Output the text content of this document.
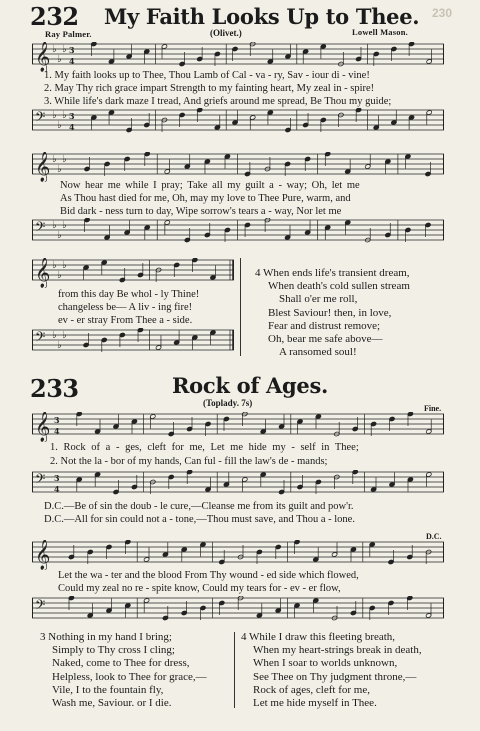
230
232 My Faith Looks Up to Thee.
Ray Palmer.	(Olivet.)	Lowell Mason.
𝄞 ♭
♭
♭ 3
4
1. My faith looks up to Thee, Thou Lamb of Cal - va - ry, Sav - iour di - vine!
2. May Thy rich grace impart Strength to my fainting heart, My zeal in - spire!
3. While life's dark maze I tread, And griefs around me spread, Be Thou my guide;
𝄢 ♭
♭
♭ 3
4
𝄞 ♭
♭
♭
Now hear me while I pray; Take all my guilt a - way; Oh, let me
As Thou hast died for me, Oh, may my love to Thee Pure, warm, and
Bid dark - ness turn to day, Wipe sorrow's tears a - way, Nor let me
𝄢 ♭
♭
♭
𝄞 ♭
♭
♭
from this day Be whol - ly Thine!
changeless be— A liv - ing fire!
ev - er stray From Thee a - side.
𝄢 ♭
♭
♭
4 When ends life's transient dream,
When death's cold sullen stream
Shall o'er me roll,
Blest Saviour! then, in love,
Fear and distrust remove;
Oh, bear me safe above—
A ransomed soul!
233	Rock of Ages.
(Toplady. 7s)
Fine.
𝄞 3
4
1. Rock of a - ges, cleft for me, Let me hide my - self in Thee;
2. Not the la - bor of my hands, Can ful - fill the law's de - mands;
𝄢 3
4
D.C.—Be of sin the doub - le cure,—Cleanse me from its guilt and pow'r.
D.C.—All for sin could not a - tone,—Thou must save, and Thou a - lone.
D.C.
𝄞
Let the wa - ter and the blood From Thy wound - ed side which flowed,
Could my zeal no re - spite know, Could my tears for - ev - er flow,
𝄢
3 Nothing in my hand I bring;
Simply to Thy cross I cling;
Naked, come to Thee for dress,
Helpless, look to Thee for grace,—
Vile, I to the fountain fly,
Wash me, Saviour. or I die.
4 While I draw this fleeting breath,
When my heart-strings break in death,
When I soar to worlds unknown,
See Thee on Thy judgment throne,—
Rock of ages, cleft for me,
Let me hide myself in Thee.
